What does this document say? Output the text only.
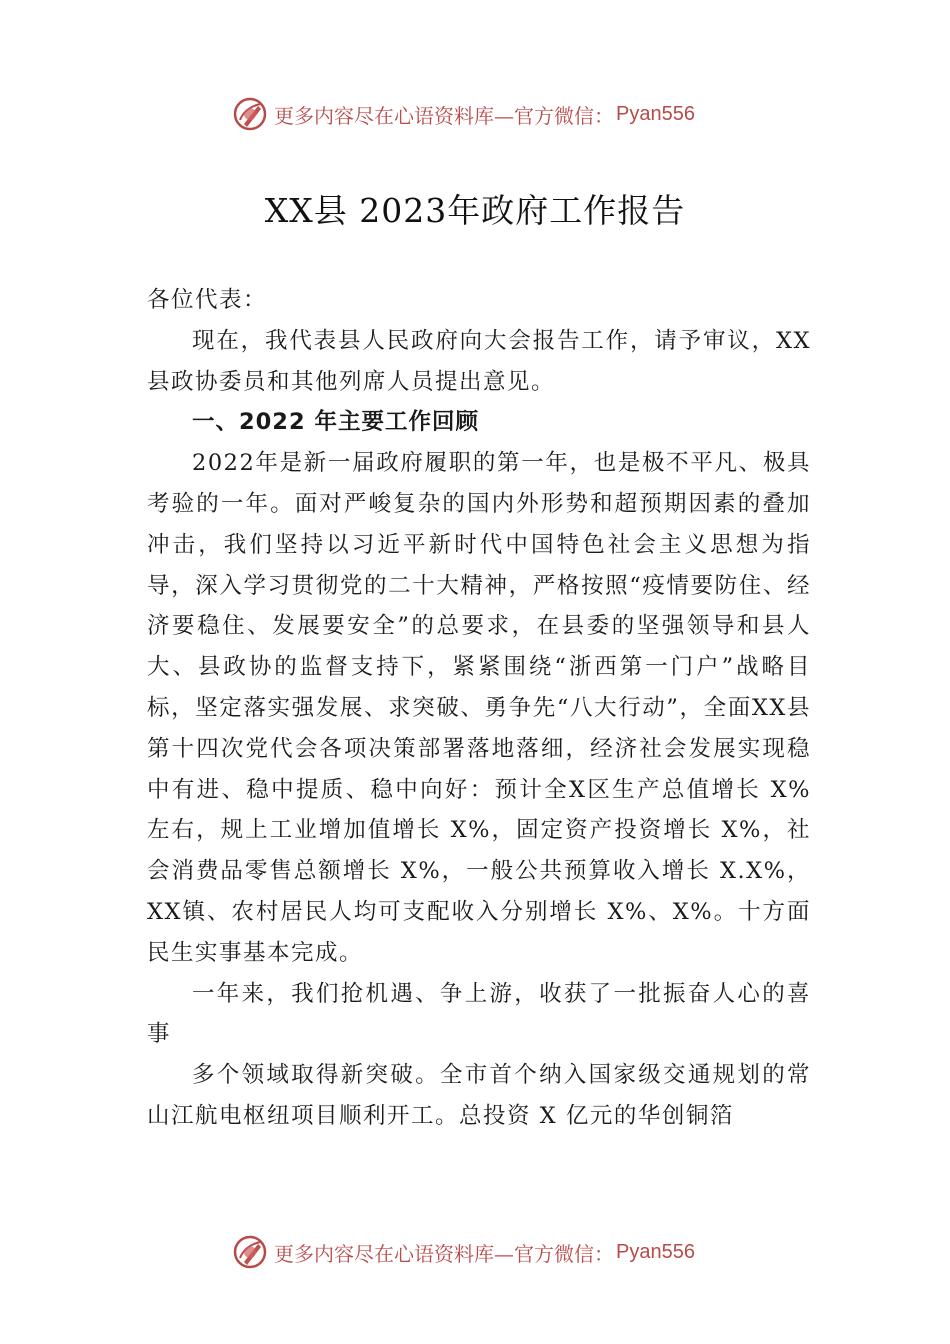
更多内容尽在心语资料库—官方微信： Pyan556
XX县 2023年政府工作报告

各位代表：

现在，我代表县人民政府向大会报告工作，请予审议，XX县政协委员和其他列席人员提出意见。

一、2022 年主要工作回顾

2022年是新一届政府履职的第一年，也是极不平凡、极具考验的一年。面对严峻复杂的国内外形势和超预期因素的叠加冲击，我们坚持以习近平新时代中国特色社会主义思想为指导，深入学习贯彻党的二十大精神，严格按照“疫情要防住、经济要稳住、发展要安全”的总要求，在县委的坚强领导和县人大、县政协的监督支持下，紧紧围绕“浙西第一门户”战略目标，坚定落实强发展、求突破、勇争先“八大行动”，全面XX县第十四次党代会各项决策部署落地落细，经济社会发展实现稳中有进、稳中提质、稳中向好：预计全X区生产总值增长 X%左右，规上工业增加值增长 X%，固定资产投资增长 X%，社会消费品零售总额增长 X%，一般公共预算收入增长 X.X%，XX镇、农村居民人均可支配收入分别增长 X%、X%。十方面民生实事基本完成。

一年来，我们抢机遇、争上游，收获了一批振奋人心的喜事

多个领域取得新突破。全市首个纳入国家级交通规划的常山江航电枢纽项目顺利开工。总投资 X 亿元的华创铜箔

更多内容尽在心语资料库—官方微信： Pyan556
